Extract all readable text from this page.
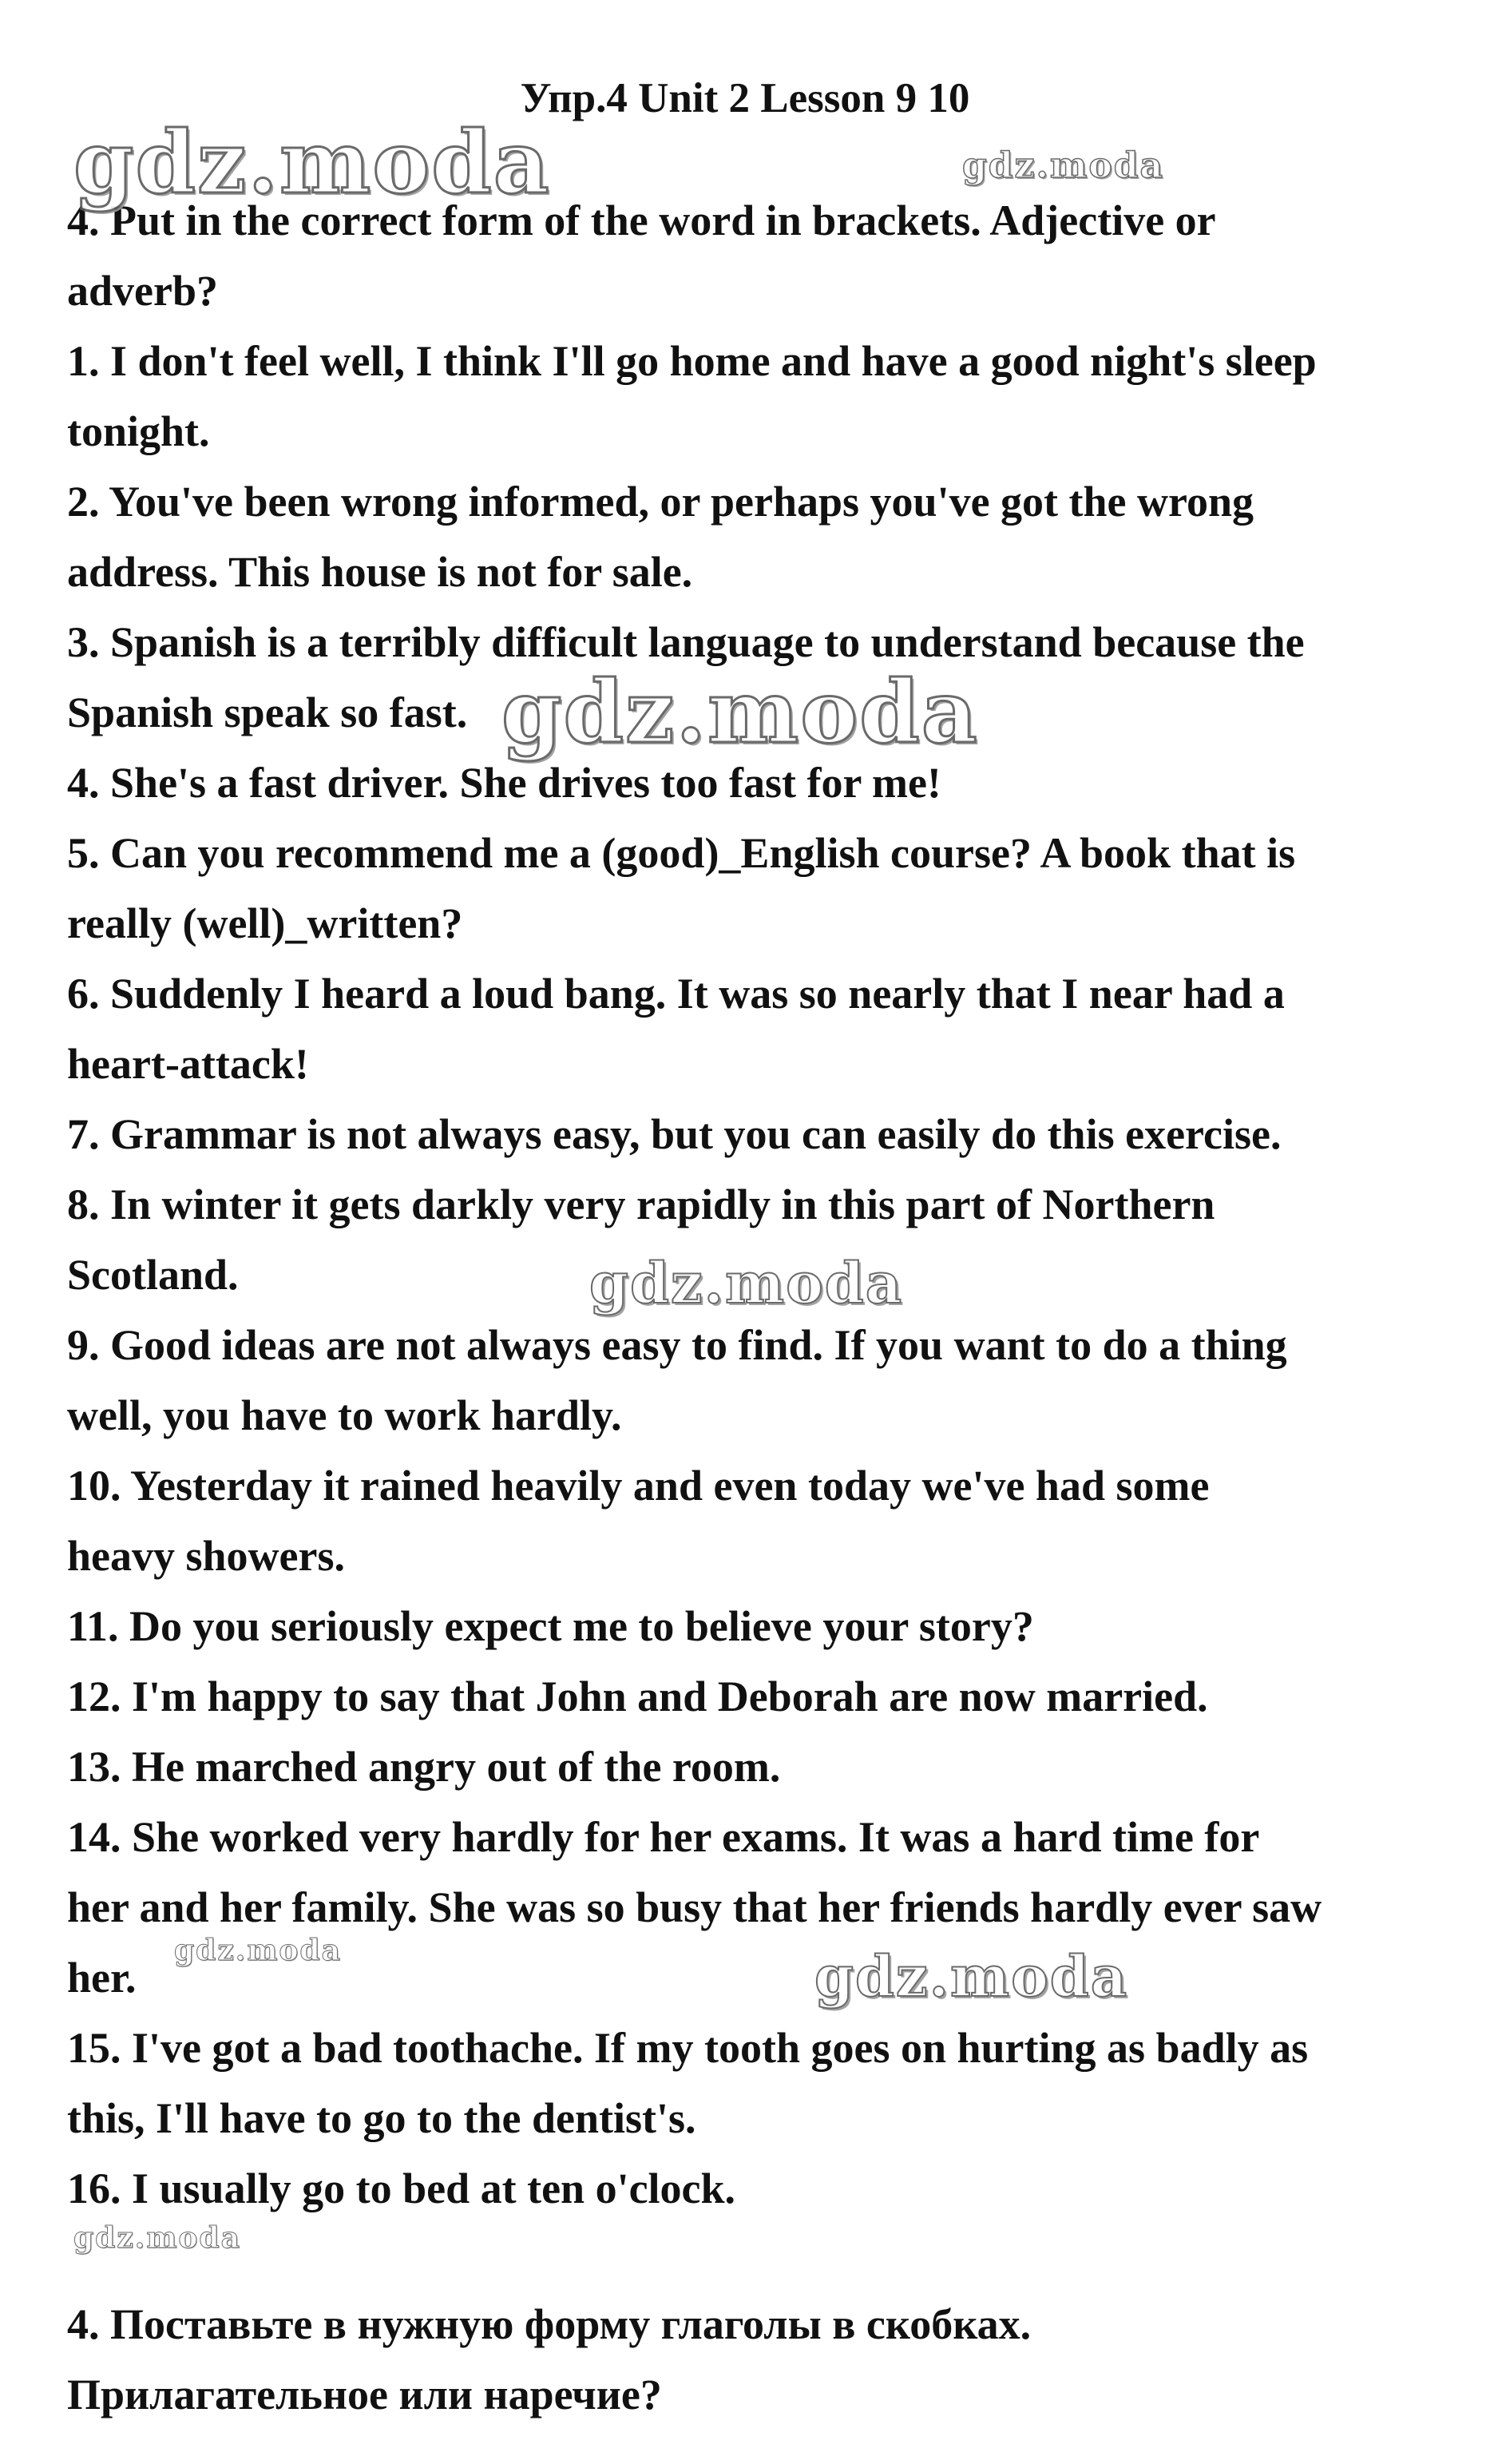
Упр.4 Unit 2 Lesson 9 10

4. Put in the correct form of the word in brackets. Adjective or

adverb?

1. I don't feel well, I think I'll go home and have a good night's sleep

tonight.

2. You've been wrong informed, or perhaps you've got the wrong

address. This house is not for sale.

3. Spanish is a terribly difficult language to understand because the

Spanish speak so fast.

4. She's a fast driver. She drives too fast for me!

5. Can you recommend me a (good)_English course? A book that is

really (well)_written?

6. Suddenly I heard a loud bang. It was so nearly that I near had a

heart-attack!

7. Grammar is not always easy, but you can easily do this exercise.

8. In winter it gets darkly very rapidly in this part of Northern

Scotland.

9. Good ideas are not always easy to find. If you want to do a thing

well, you have to work hardly.

10. Yesterday it rained heavily and even today we've had some

heavy showers.

11. Do you seriously expect me to believe your story?

12. I'm happy to say that John and Deborah are now married.

13. He marched angry out of the room.

14. She worked very hardly for her exams. It was a hard time for

her and her family. She was so busy that her friends hardly ever saw

her.

15. I've got a bad toothache. If my tooth goes on hurting as badly as

this, I'll have to go to the dentist's.

16. I usually go to bed at ten o'clock.

4. Поставьте в нужную форму глаголы в скобках.

Прилагательное или наречие?

gdz.moda	gdz.moda
gdz.moda
gdz.moda
gdz.moda	gdz.moda
gdz.moda
